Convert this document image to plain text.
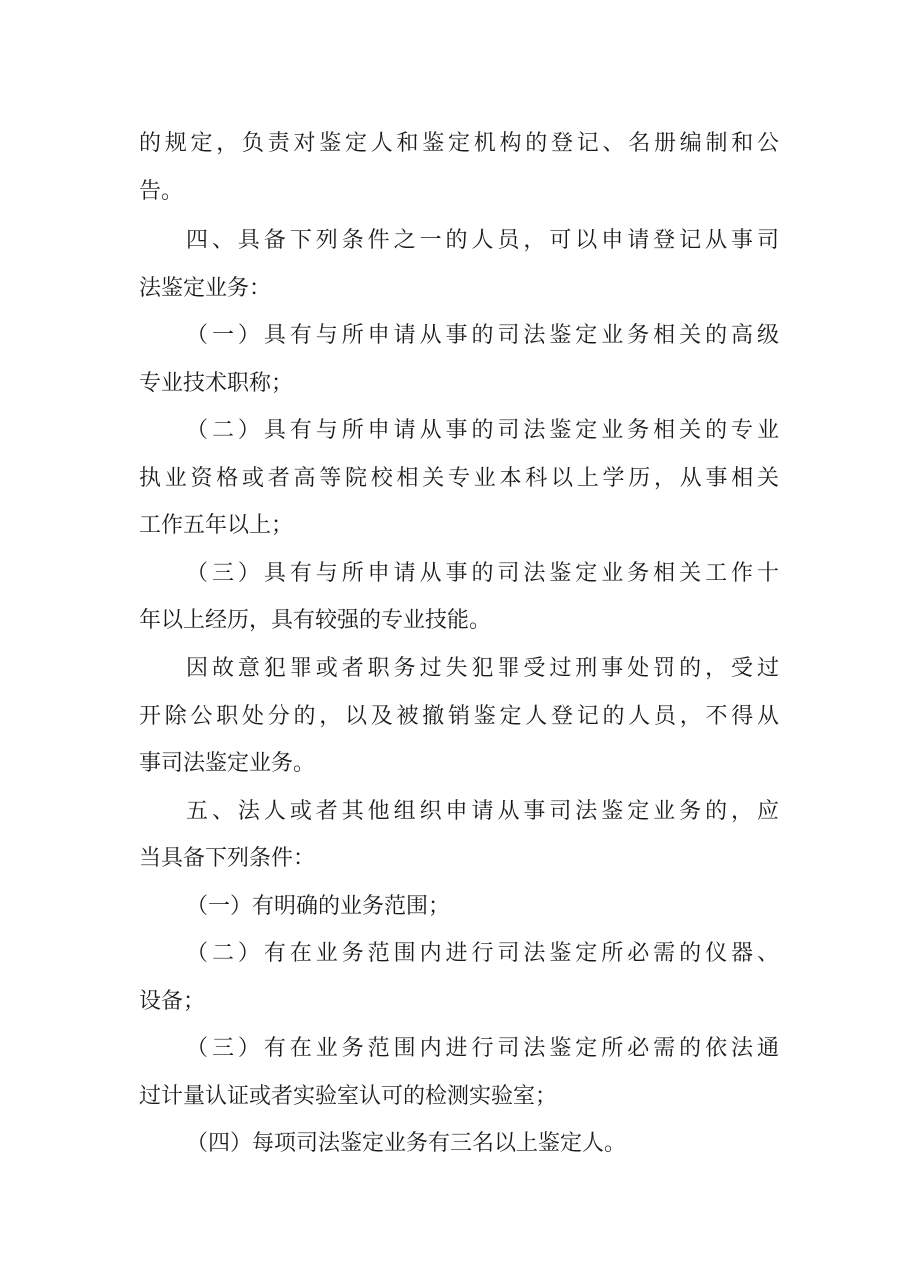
的规定，负责对鉴定人和鉴定机构的登记、名册编制和公
告。
四、具备下列条件之一的人员，可以申请登记从事司
法鉴定业务：
（一）具有与所申请从事的司法鉴定业务相关的高级
专业技术职称；
（二）具有与所申请从事的司法鉴定业务相关的专业
执业资格或者高等院校相关专业本科以上学历，从事相关
工作五年以上；
（三）具有与所申请从事的司法鉴定业务相关工作十
年以上经历，具有较强的专业技能。
因故意犯罪或者职务过失犯罪受过刑事处罚的，受过
开除公职处分的，以及被撤销鉴定人登记的人员，不得从
事司法鉴定业务。
五、法人或者其他组织申请从事司法鉴定业务的，应
当具备下列条件：
（一）有明确的业务范围；
（二）有在业务范围内进行司法鉴定所必需的仪器、
设备；
（三）有在业务范围内进行司法鉴定所必需的依法通
过计量认证或者实验室认可的检测实验室；
（四）每项司法鉴定业务有三名以上鉴定人。
